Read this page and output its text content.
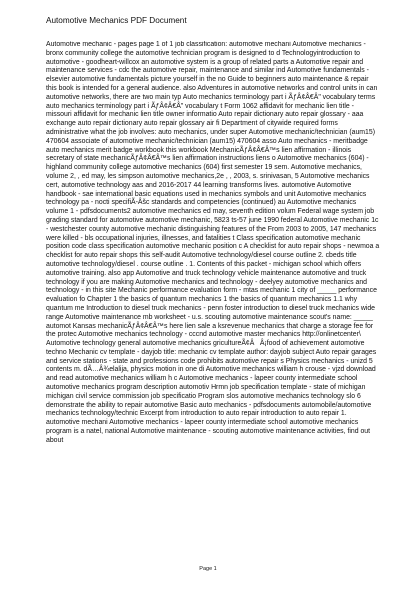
Automotive Mechanics PDF Document

Automotive mechanic - pages page 1 of 1 job classification: automotive mechani Automotive mechanics - bronx community college the automotive technician program is designed to d Technologyintroduction to automotive - goodheart-willcox an automotive system is a group of related parts a Automotive repair and maintenance services - cdc the automotive repair, maintenance and similar ind Automotive fundamentals - elsevier automotive fundamentals picture yourself in the no Guide to beginners auto maintenance & repair this book is intended for a general audience. also Adventures in automotive networks and control units in can automotive networks, there are two main typ Auto mechanics terminology part i ÃƒÂ¢Â€Â" vocabulary terms auto mechanics terminology part i ÃƒÂ¢Â€Â" vocabulary t Form 1062 affidavit for mechanic lien title - missouri affidavit for mechanic lien title owner informatio Auto repair dictionary auto repair glossary - aaa exchange auto repair dictionary auto repair glossary air fi Department of citywide required forms administrative what the job involves: auto mechanics, under super Automotive mechanic/technician (aum15) 470604 associate of automotive mechanic/technician (aum15) 470604 asso Auto mechanics - meritbadge auto mechanics merit badge workbook this workbook MechanicÃƒÂ¢Â€Â™s lien affirmation - illinois secretary of state mechanicÃƒÂ¢Â€Â™s lien affirmation instructions liens o Automotive mechanics (604) - highland community college automotive mechanics (604) first semester 19 sem. Automotive mechanics, volume 2, , ed may, les simpson automotive mechanics,2e , , 2003, s. srinivasan, 5 Automotive mechanics cert, automotive technology aas and 2016-2017 44 learning transforms lives. automotive Automotive handbook - sae international basic equations used in mechanics symbols and unit Automotive mechanics technology pa - nocti specifiÃ-Âšc standards and competencies (continued) au Automotive mechanics volume 1 - pdfsdocuments2 automotive mechanics ed may, seventh edition volum Federal wage system job grading standard for automotive automotive mechanic, 5823 ts-57 june 1990 federal Automotive mechanic 1c - westchester county automotive mechanic distinguishing features of the From 2003 to 2005, 147 mechanics were killed - bls occupational injuries, illnesses, and fatalities t Class specification automotive mechanic position code class specification automotive mechanic position c A checklist for auto repair shops - newmoa a checklist for auto repair shops this self-audit Automotive technology/diesel course outline 2. cbeds title automotive technology/diesel . course outline . 1. Contents of this packet - michigan school which offers automotive training. also app Automotive and truck technology vehicle maintenance automotive and truck technology if you are making Automotive mechanics and technology - deelyey automotive mechanics and technology - in this site Mechanic performance evaluation form - mtas mechanic 1 city of _____ performance evaluation fo Chapter 1 the basics of quantum mechanics 1 the basics of quantum mechanics 1.1 why quantum me Introduction to diesel truck mechanics - penn foster introduction to diesel truck mechanics wide range Automotive maintenance mb worksheet - u.s. scouting automotive maintenance scout's name: _____ automot Kansas mechanicÃƒÂ¢Â€Â™s here lien sale a ksrevenue mechanics that charge a storage fee for the protec Automotive mechanics technology - ccсnd automotive master mechanics http://onlinetcenter\ Automotive technology general automotive mechanics gricultureÃ¢ÂÂ¡food of achievement automotive techno Mechanic cv template - dayjob title: mechanic cv template author: dayjob subject Auto repair garages and service stations - state and professions code prohibits automotive repair s Physics mechanics - unizd 5 contents m. dÃ…Â¾elalija, physics motion in one di Automotive mechanics william h crouse - vjzd download and read automotive mechanics william h c Automotive mechanics - lapeer county intermediate school automotive mechanics program description automotiv Hrmn job specification template - state of michigan michigan civil service commission job specificatio Program slos automotive mechanics technology slo 6 demonstrate the ability to repair automotive Basic auto mechanics - pdfsdocuments automobile/automotive mechanics technology/technic Excerpt from introduction to auto repair introduction to auto repair 1. automotive mechani Automotive mechanics - lapeer county intermediate school automotive mechanics program is a natel, national Automotive maintenance - scouting automotive maintenance activities, find out about

Page 1
